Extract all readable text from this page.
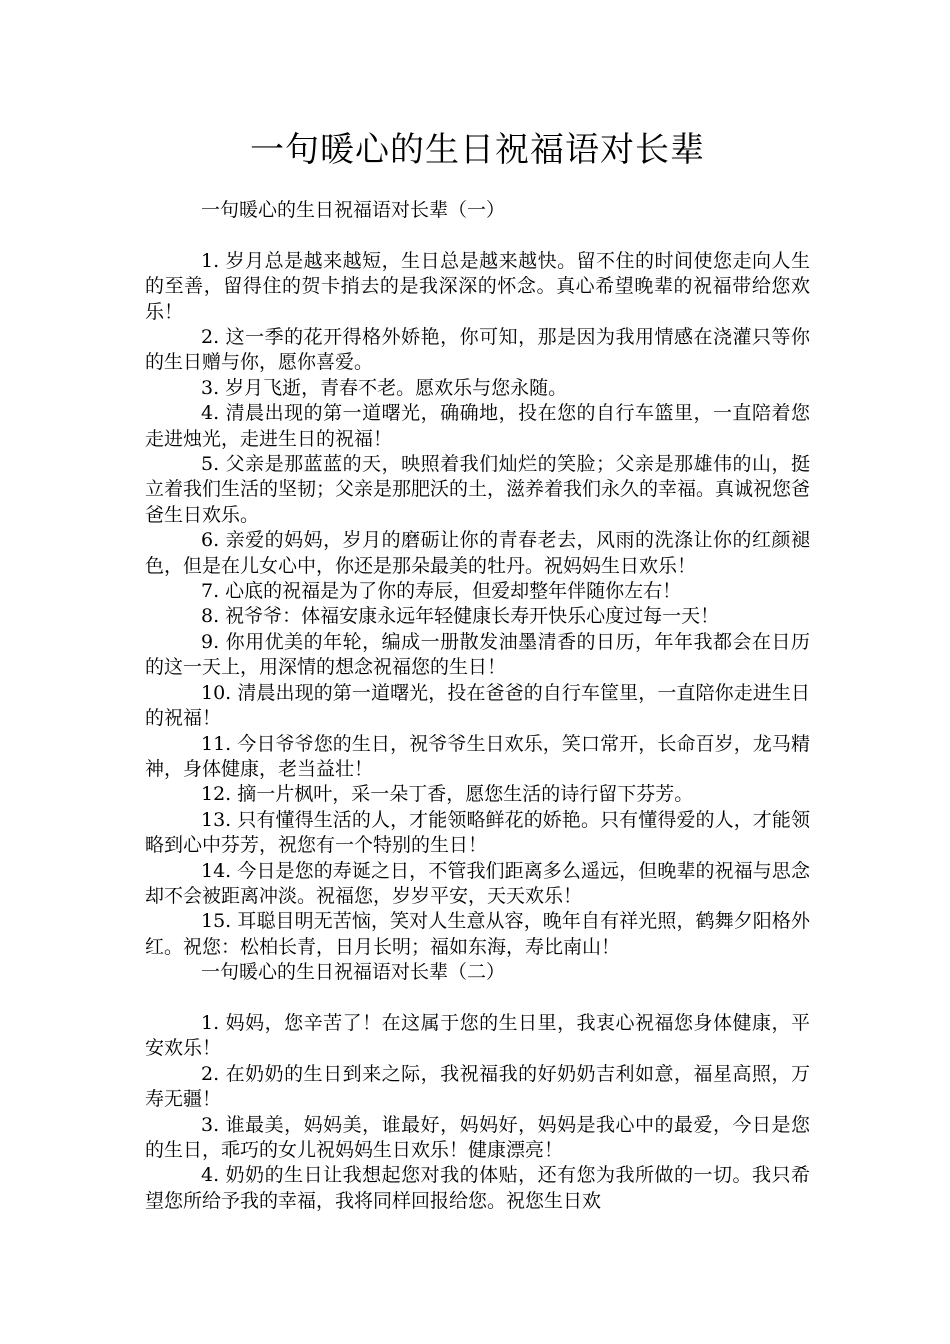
一句暖心的生日祝福语对长辈

一句暖心的生日祝福语对长辈（一）

1. 岁月总是越来越短，生日总是越来越快。留不住的时间使您走向人生的至善，留得住的贺卡捎去的是我深深的怀念。真心希望晚辈的祝福带给您欢乐！

2. 这一季的花开得格外娇艳，你可知，那是因为我用情感在浇灌只等你的生日赠与你，愿你喜爱。

3. 岁月飞逝，青春不老。愿欢乐与您永随。

4. 清晨出现的第一道曙光，确确地，投在您的自行车篮里，一直陪着您走进烛光，走进生日的祝福！

5. 父亲是那蓝蓝的天，映照着我们灿烂的笑脸；父亲是那雄伟的山，挺立着我们生活的坚韧；父亲是那肥沃的土，滋养着我们永久的幸福。真诚祝您爸爸生日欢乐。

6. 亲爱的妈妈，岁月的磨砺让你的青春老去，风雨的洗涤让你的红颜褪色，但是在儿女心中，你还是那朵最美的牡丹。祝妈妈生日欢乐！

7. 心底的祝福是为了你的寿辰，但爱却整年伴随你左右！

8. 祝爷爷：体福安康永远年轻健康长寿开快乐心度过每一天！

9. 你用优美的年轮，编成一册散发油墨清香的日历，年年我都会在日历的这一天上，用深情的想念祝福您的生日！

10. 清晨出现的第一道曙光，投在爸爸的自行车筐里，一直陪你走进生日的祝福！

11. 今日爷爷您的生日，祝爷爷生日欢乐，笑口常开，长命百岁，龙马精神，身体健康，老当益壮！

12. 摘一片枫叶，采一朵丁香，愿您生活的诗行留下芬芳。

13. 只有懂得生活的人，才能领略鲜花的娇艳。只有懂得爱的人，才能领略到心中芬芳，祝您有一个特别的生日！

14. 今日是您的寿诞之日，不管我们距离多么遥远，但晚辈的祝福与思念却不会被距离冲淡。祝福您，岁岁平安，天天欢乐！

15. 耳聪目明无苦恼，笑对人生意从容，晚年自有祥光照，鹤舞夕阳格外红。祝您：松柏长青，日月长明；福如东海，寿比南山！

一句暖心的生日祝福语对长辈（二）

1. 妈妈，您辛苦了！在这属于您的生日里，我衷心祝福您身体健康，平安欢乐！

2. 在奶奶的生日到来之际，我祝福我的好奶奶吉利如意，福星高照，万寿无疆！

3. 谁最美，妈妈美，谁最好，妈妈好，妈妈是我心中的最爱，今日是您的生日，乖巧的女儿祝妈妈生日欢乐！健康漂亮！

4. 奶奶的生日让我想起您对我的体贴，还有您为我所做的一切。我只希望您所给予我的幸福，我将同样回报给您。祝您生日欢
